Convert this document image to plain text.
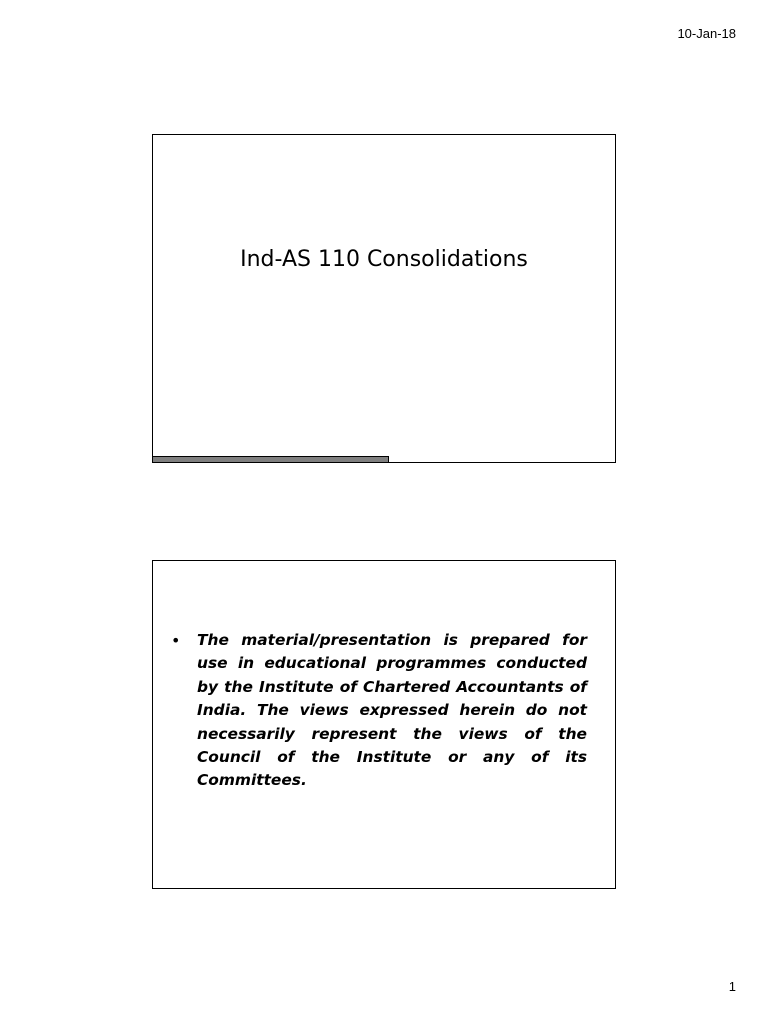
10-Jan-18
Ind-AS 110 Consolidations
•	The material/presentation is prepared for use in educational programmes conducted by the Institute of Chartered Accountants of India. The views expressed herein do not necessarily represent the views of the Council of the Institute or any of its Committees.

1
